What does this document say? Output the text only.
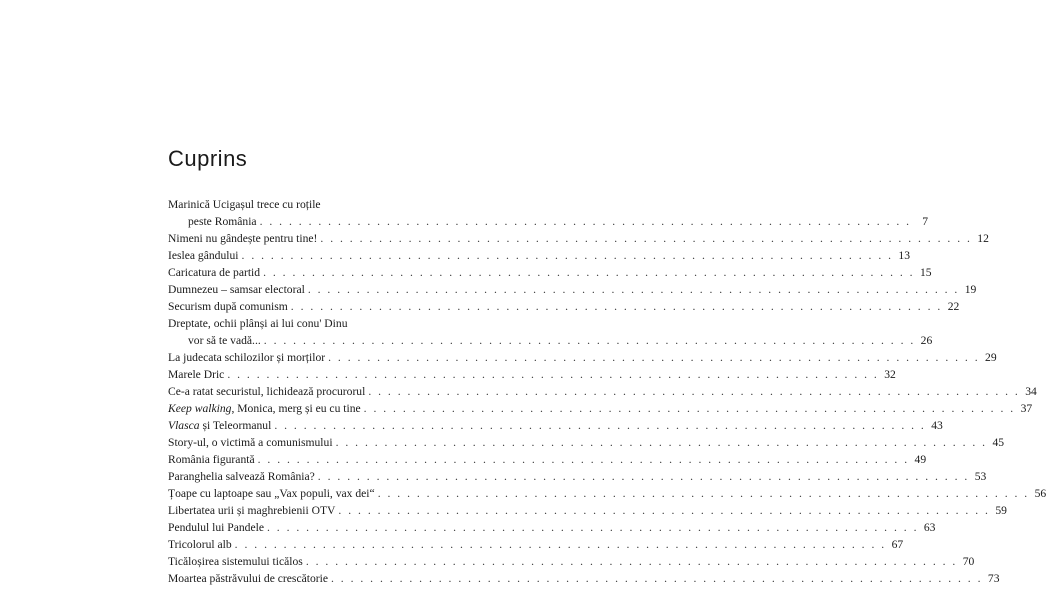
Cuprins
Marinică Ucigașul trece cu roțile
peste România . . . . . . . . . . . . . . . . . . . . . . . . . . . . . . . . . . . . . . . . . . . . . . . . . . . . . . . . . . . . . . . . . . . 7
Nimeni nu gândește pentru tine! . . . . . . . . . . . . . . . . . . . . . . . . . . . . . . . . . . . . . . . . . . . . . . . . . . . . . . . . . . . . . . . . . . . 12
Ieslea gândului . . . . . . . . . . . . . . . . . . . . . . . . . . . . . . . . . . . . . . . . . . . . . . . . . . . . . . . . . . . . . . . . . . . 13
Caricatura de partid . . . . . . . . . . . . . . . . . . . . . . . . . . . . . . . . . . . . . . . . . . . . . . . . . . . . . . . . . . . . . . . . . . . 15
Dumnezeu – samsar electoral . . . . . . . . . . . . . . . . . . . . . . . . . . . . . . . . . . . . . . . . . . . . . . . . . . . . . . . . . . . . . . . . . . . 19
Securism după comunism . . . . . . . . . . . . . . . . . . . . . . . . . . . . . . . . . . . . . . . . . . . . . . . . . . . . . . . . . . . . . . . . . . . 22
Dreptate, ochii plânși ai lui conu' Dinu
vor să te vadă... . . . . . . . . . . . . . . . . . . . . . . . . . . . . . . . . . . . . . . . . . . . . . . . . . . . . . . . . . . . . . . . . . . . 26
La judecata schilozilor și morților . . . . . . . . . . . . . . . . . . . . . . . . . . . . . . . . . . . . . . . . . . . . . . . . . . . . . . . . . . . . . . . . . . . 29
Marele Dric . . . . . . . . . . . . . . . . . . . . . . . . . . . . . . . . . . . . . . . . . . . . . . . . . . . . . . . . . . . . . . . . . . . 32
Ce-a ratat securistul, lichidează procurorul . . . . . . . . . . . . . . . . . . . . . . . . . . . . . . . . . . . . . . . . . . . . . . . . . . . . . . . . . . . . . . . . . . . 34
Keep walking, Monica, merg și eu cu tine . . . . . . . . . . . . . . . . . . . . . . . . . . . . . . . . . . . . . . . . . . . . . . . . . . . . . . . . . . . . . . . . . . . 37
Vlasca și Teleormanul . . . . . . . . . . . . . . . . . . . . . . . . . . . . . . . . . . . . . . . . . . . . . . . . . . . . . . . . . . . . . . . . . . . 43
Story-ul, o victimă a comunismului . . . . . . . . . . . . . . . . . . . . . . . . . . . . . . . . . . . . . . . . . . . . . . . . . . . . . . . . . . . . . . . . . . . 45
România figurantă . . . . . . . . . . . . . . . . . . . . . . . . . . . . . . . . . . . . . . . . . . . . . . . . . . . . . . . . . . . . . . . . . . . 49
Paranghelia salvează România? . . . . . . . . . . . . . . . . . . . . . . . . . . . . . . . . . . . . . . . . . . . . . . . . . . . . . . . . . . . . . . . . . . . 53
Țoape cu laptoape sau „Vax populi, vax dei“ . . . . . . . . . . . . . . . . . . . . . . . . . . . . . . . . . . . . . . . . . . . . . . . . . . . . . . . . . . . . . . . . . . . 56
Libertatea urii și maghrebienii OTV . . . . . . . . . . . . . . . . . . . . . . . . . . . . . . . . . . . . . . . . . . . . . . . . . . . . . . . . . . . . . . . . . . . 59
Pendulul lui Pandele . . . . . . . . . . . . . . . . . . . . . . . . . . . . . . . . . . . . . . . . . . . . . . . . . . . . . . . . . . . . . . . . . . . 63
Tricolorul alb . . . . . . . . . . . . . . . . . . . . . . . . . . . . . . . . . . . . . . . . . . . . . . . . . . . . . . . . . . . . . . . . . . . 67
Ticăloșirea sistemului ticălos . . . . . . . . . . . . . . . . . . . . . . . . . . . . . . . . . . . . . . . . . . . . . . . . . . . . . . . . . . . . . . . . . . . 70
Moartea păstrăvului de crescătorie . . . . . . . . . . . . . . . . . . . . . . . . . . . . . . . . . . . . . . . . . . . . . . . . . . . . . . . . . . . . . . . . . . . 73
